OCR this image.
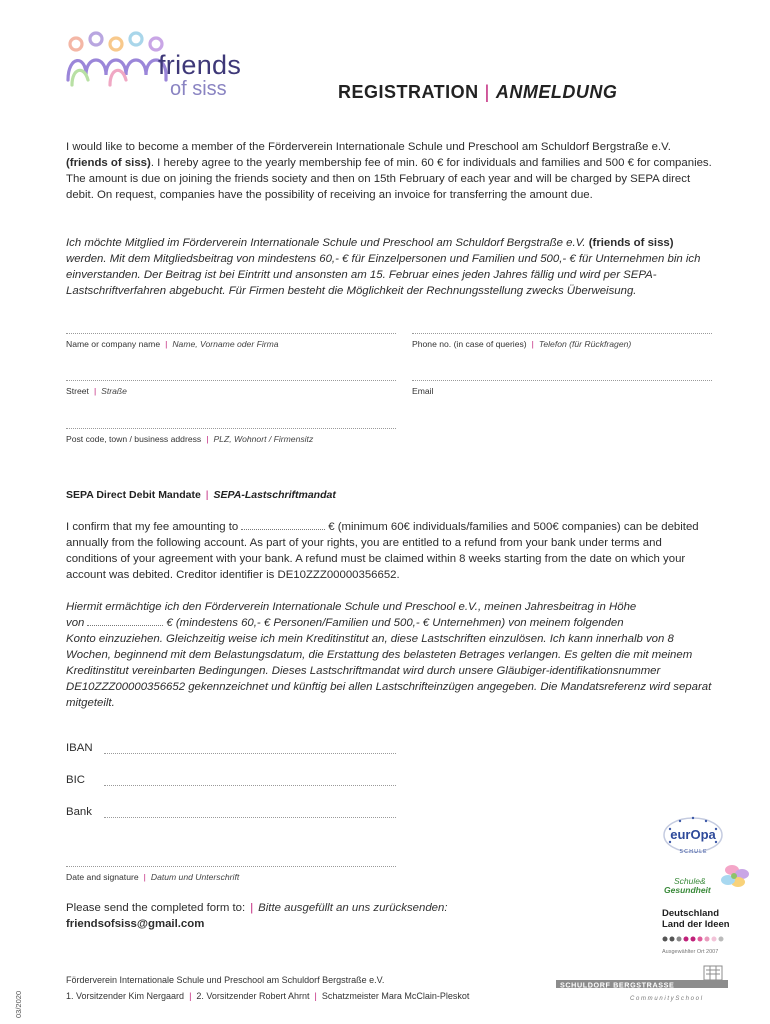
friends
of siss	REGISTRATION | ANMELDUNG
I would like to become a member of the Förderverein Internationale Schule und Preschool am Schuldorf Bergstraße e.V. (friends of siss). I hereby agree to the yearly membership fee of min. 60 € for individuals and families and 500 € for companies. The amount is due on joining the friends society and then on 15th February of each year and will be charged by SEPA direct debit. On request, companies have the possibility of receiving an invoice for transferring the amount due.
Ich möchte Mitglied im Förderverein Internationale Schule und Preschool am Schuldorf Bergstraße e.V. (friends of siss) werden. Mit dem Mitgliedsbeitrag von mindestens 60,- € für Einzelpersonen und Familien und 500,- € für Unternehmen bin ich einverstanden. Der Beitrag ist bei Eintritt und ansonsten am 15. Februar eines jeden Jahres fällig und wird per SEPA-Lastschriftverfahren abgebucht. Für Firmen besteht die Möglichkeit der Rechnungsstellung zwecks Überweisung.
Name or company name | Name, Vorname oder Firma	Phone no. (in case of queries) | Telefon (für Rückfragen)
Street | Straße	Email
Post code, town / business address | PLZ, Wohnort / Firmensitz
SEPA Direct Debit Mandate | SEPA-Lastschriftmandat
I confirm that my fee amounting to	€ (minimum 60€ individuals/families and 500€ companies) can be debited annually from the following account. As part of your rights, you are entitled to a refund from your bank under terms and conditions of your agreement with your bank. A refund must be claimed within 8 weeks starting from the date on which your account was debited. Creditor identifier is DE10ZZZ00000356652.
Hiermit ermächtige ich den Förderverein Internationale Schule und Preschool e.V., meinen Jahresbeitrag in Höhe
von	€ (mindestens 60,- € Personen/Familien und 500,- € Unternehmen) von meinem folgenden
Konto einzuziehen. Gleichzeitig weise ich mein Kreditinstitut an, diese Lastschriften einzulösen. Ich kann innerhalb von 8 Wochen, beginnend mit dem Belastungsdatum, die Erstattung des belasteten Betrages verlangen. Es gelten die mit meinem Kreditinstitut vereinbarten Bedingungen. Dieses Lastschriftmandat wird durch unsere Gläubiger-identifikationsnummer DE10ZZZ00000356652 gekennzeichnet und künftig bei allen Lastschrifteinzügen angegeben. Die Mandatsreferenz wird separat mitgeteilt.
IBAN
BIC
Bank
Date and signature | Datum und Unterschrift
Please send the completed form to: | Bitte ausgefüllt an uns zurücksenden:
friendsofsiss@gmail.com
Förderverein Internationale Schule und Preschool am Schuldorf Bergstraße e.V.
1. Vorsitzender Kim Nergaard | 2. Vorsitzender Robert Ahrnt | Schatzmeister Mara McClain-Pleskot
03/2020
eurOpa
S C H U L E
Schule&
Gesundheit
Deutschland
Land der Ideen
Ausgewählter Ort 2007
SCHULDORF BERGSTRASSE
C o m m u n i t y S c h o o l
